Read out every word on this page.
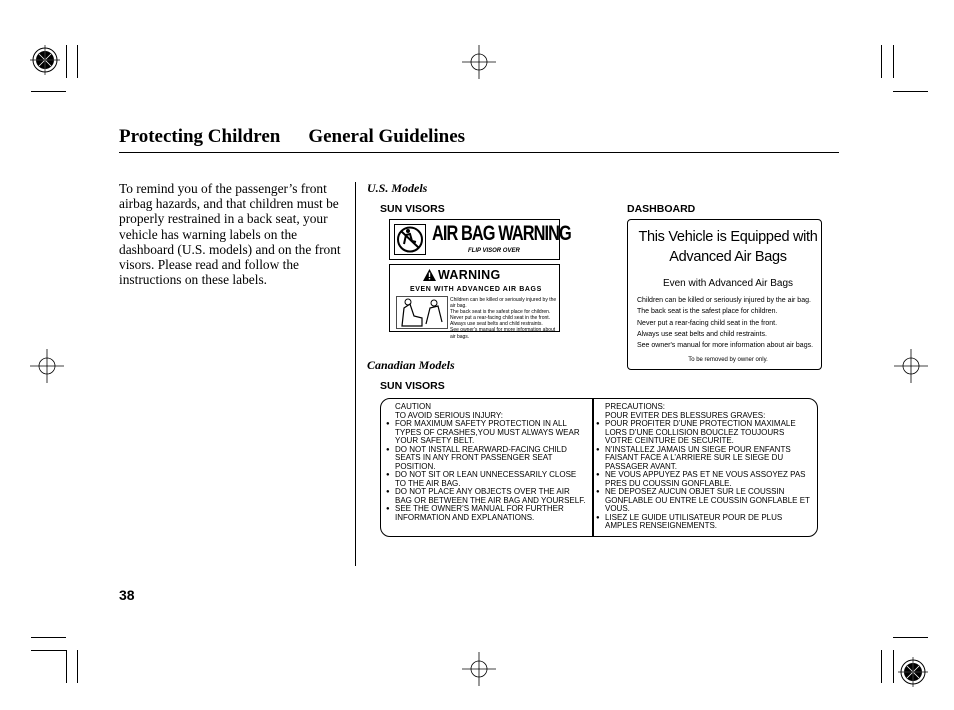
Protecting Children General Guidelines
To remind you of the passenger’s front airbag hazards, and that children must be properly restrained in a back seat, your vehicle has warning labels on the dashboard (U.S. models) and on the front visors. Please read and follow the instructions on these labels.
U.S. Models
SUN VISORS	DASHBOARD
AIR BAG WARNING
FLIP VISOR OVER
WARNING
EVEN WITH ADVANCED AIR BAGS
Children can be killed or seriously injured by the air bag.
The back seat is the safest place for children.
Never put a rear-facing child seat in the front.
Always use seat belts and child restraints.
See owner's manual for more information about air bags.
This Vehicle is Equipped with
Advanced Air Bags
Even with Advanced Air Bags
Children can be killed or seriously injured by the air bag.
The back seat is the safest place for children.
Never put a rear-facing child seat in the front.
Always use seat belts and child restraints.
See owner's manual for more information about air bags.
To be removed by owner only.
Canadian Models
SUN VISORS
CAUTION
TO AVOID SERIOUS INJURY:
● FOR MAXIMUM SAFETY PROTECTION IN ALL TYPES OF CRASHES,YOU MUST ALWAYS WEAR YOUR SAFETY BELT.
● DO NOT INSTALL REARWARD-FACING CHILD SEATS IN ANY FRONT PASSENGER SEAT POSITION.
● DO NOT SIT OR LEAN UNNECESSARILY CLOSE TO THE AIR BAG.
● DO NOT PLACE ANY OBJECTS OVER THE AIR BAG OR BETWEEN THE AIR BAG AND YOURSELF.
● SEE THE OWNER’S MANUAL FOR FURTHER INFORMATION AND EXPLANATIONS.
PRECAUTIONS:
POUR EVITER DES BLESSURES GRAVES:
● POUR PROFITER D’UNE PROTECTION MAXIMALE LORS D’UNE COLLISION BOUCLEZ TOUJOURS VOTRE CEINTURE DE SECURITE.
● N’INSTALLEZ JAMAIS UN SIEGE POUR ENFANTS FAISANT FACE A L’ARRIERE SUR LE SIEGE DU PASSAGER AVANT.
● NE VOUS APPUYEZ PAS ET NE VOUS ASSOYEZ PAS PRES DU COUSSIN GONFLABLE.
● NE DEPOSEZ AUCUN OBJET SUR LE COUSSIN GONFLABLE OU ENTRE LE COUSSIN GONFLABLE ET VOUS.
● LISEZ LE GUIDE UTILISATEUR POUR DE PLUS AMPLES RENSEIGNEMENTS.
38
